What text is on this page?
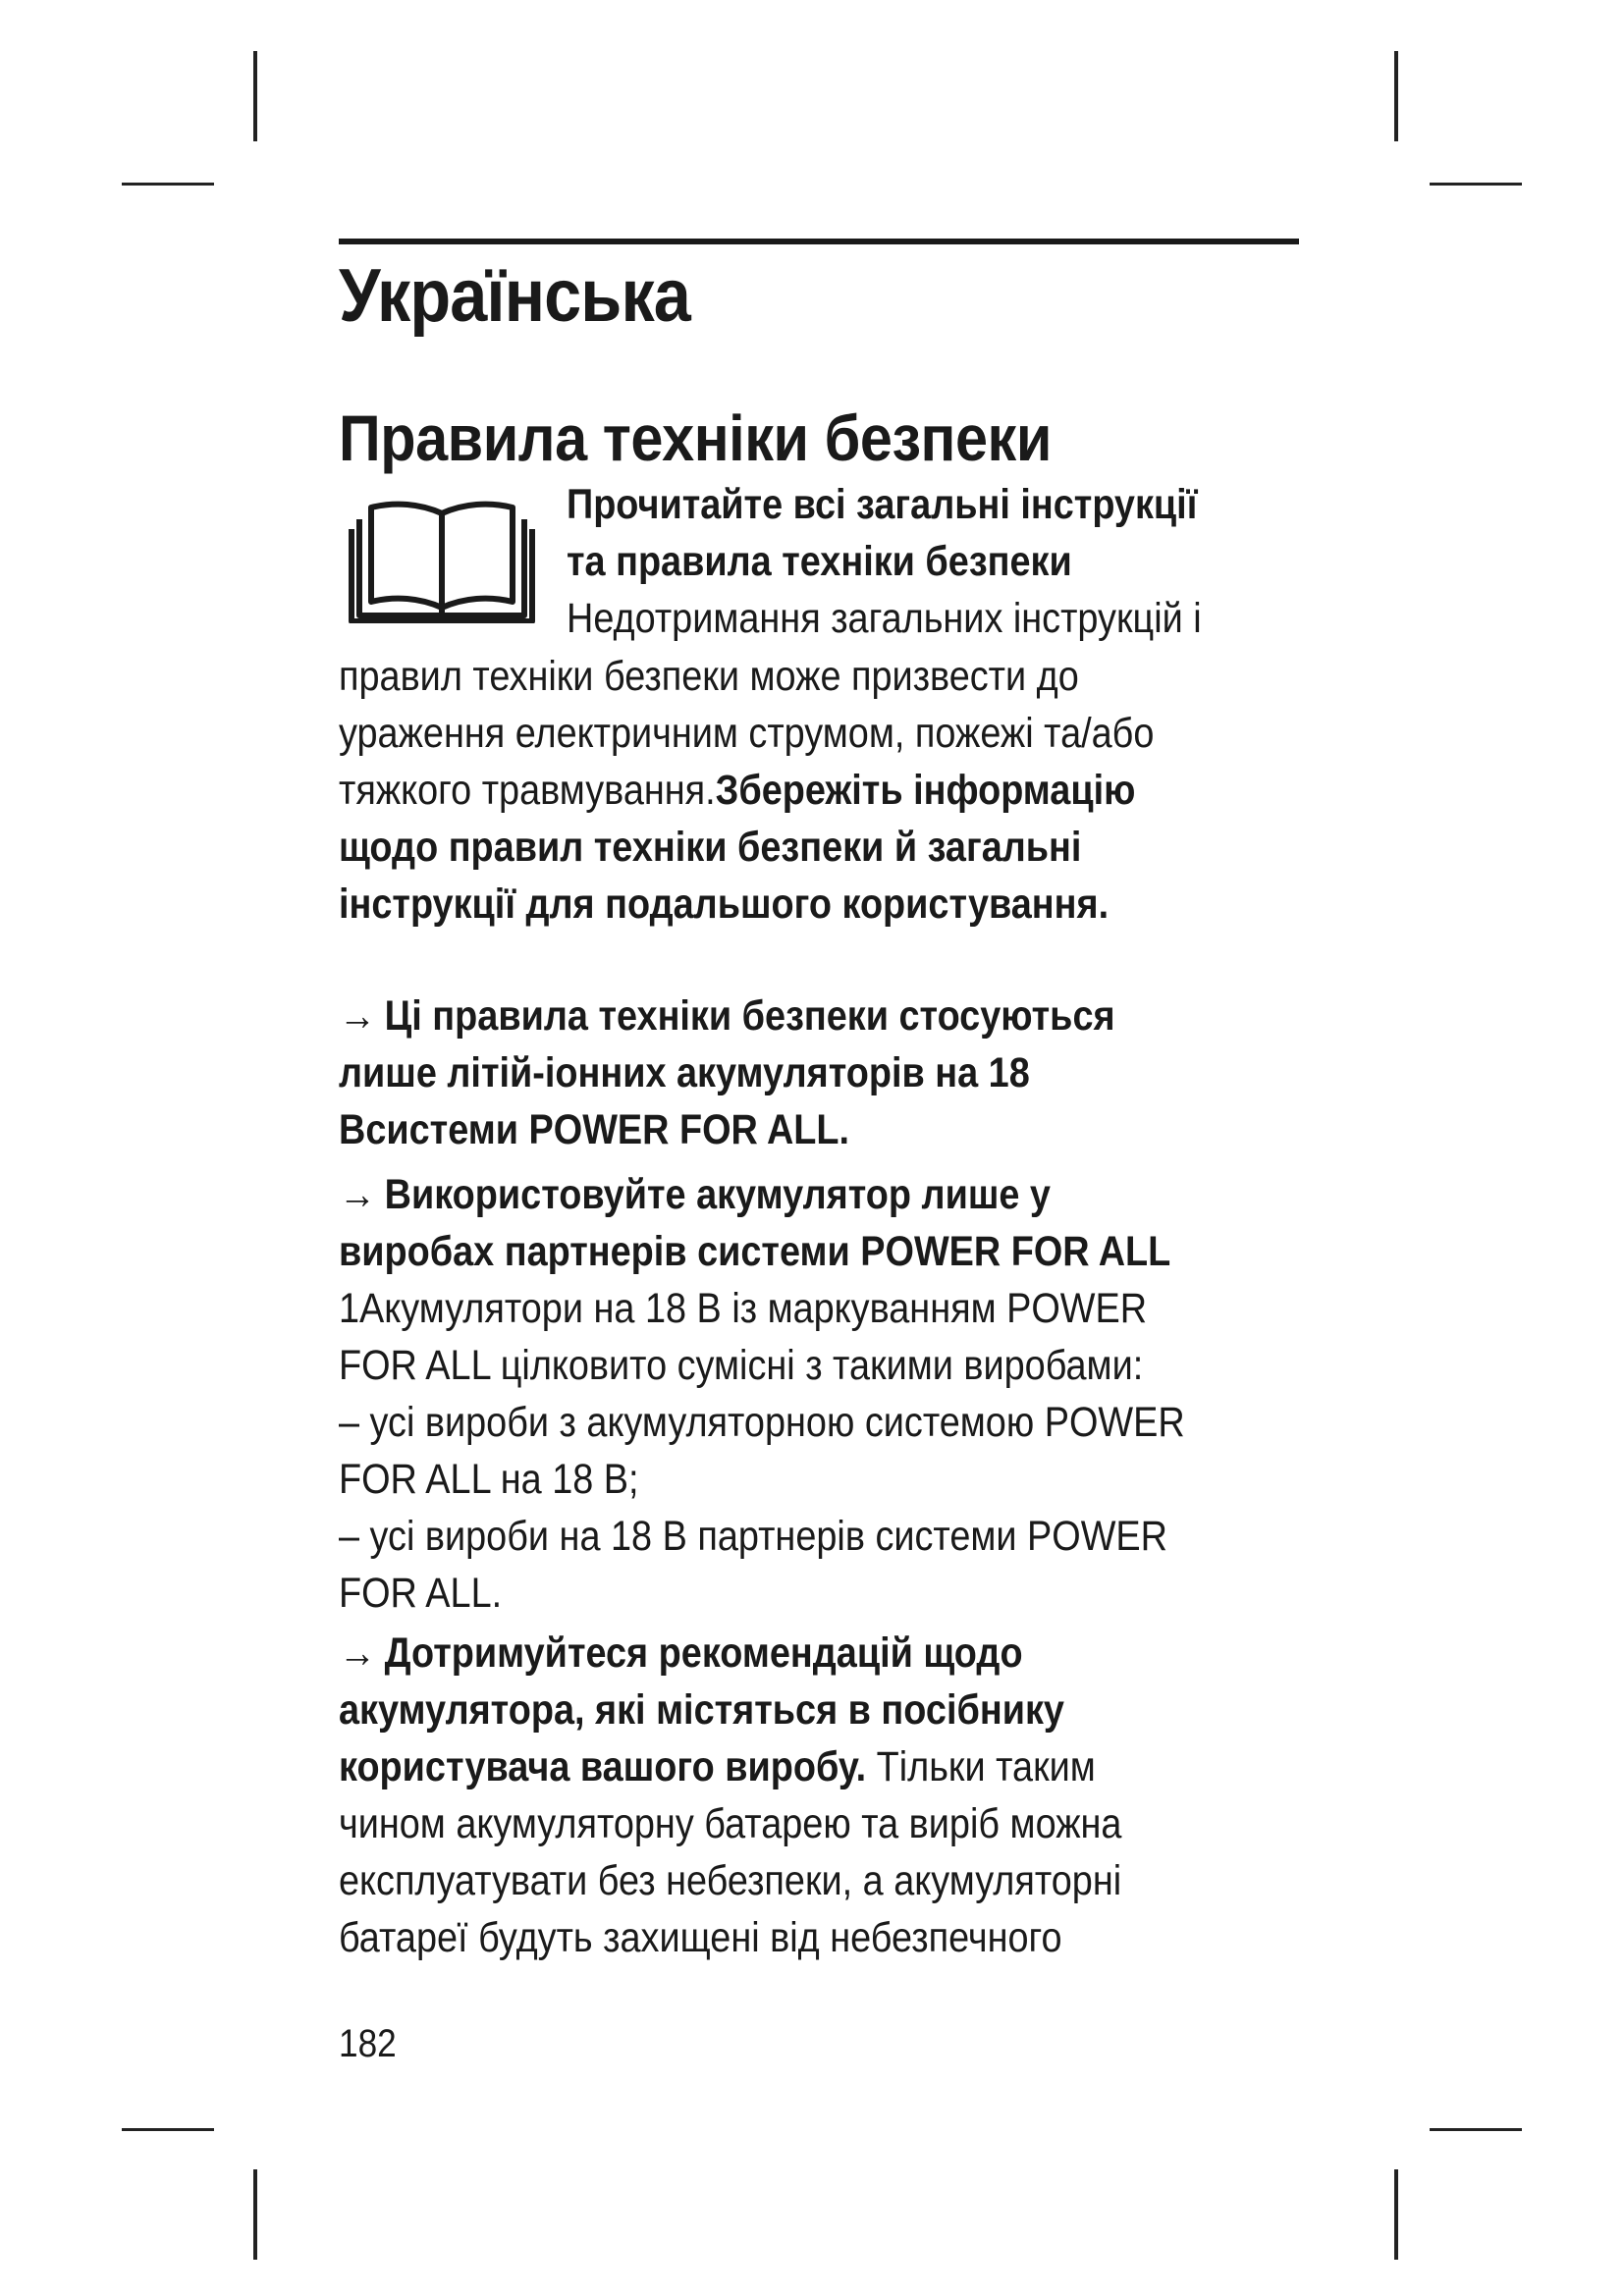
Українська
Правила техніки безпеки
Прочитайте всі загальні інструкції
та правила техніки безпеки
Недотримання загальних інструкцій і
правил техніки безпеки може призвести до
ураження електричним струмом, пожежі та/або
тяжкого травмування.Збережіть інформацію
щодо правил техніки безпеки й загальні
інструкції для подальшого користування.
→ Ці правила техніки безпеки стосуються
лише літій-іонних акумуляторів на 18
Всистеми POWER FOR ALL.
→ Використовуйте акумулятор лише у
виробах партнерів системи POWER FOR ALL
1Акумулятори на 18 В із маркуванням POWER
FOR ALL цілковито сумісні з такими виробами:
– усі вироби з акумуляторною системою POWER
FOR ALL на 18 В;
– усі вироби на 18 В партнерів системи POWER
FOR ALL.
→ Дотримуйтеся рекомендацій щодо
акумулятора, які містяться в посібнику
користувача вашого виробу. Тільки таким
чином акумуляторну батарею та виріб можна
експлуатувати без небезпеки, а акумуляторні
батареї будуть захищені від небезпечного
182
